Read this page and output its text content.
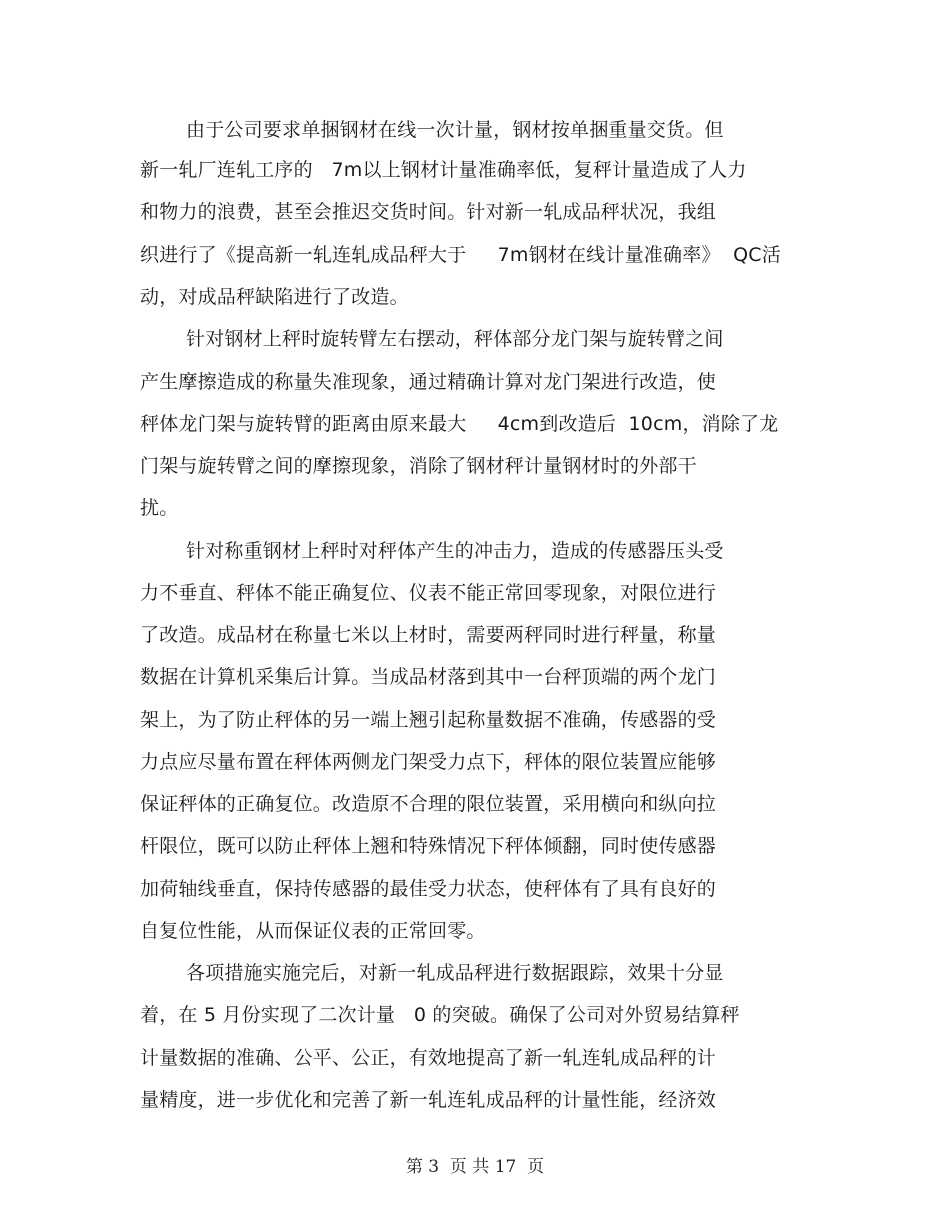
由于公司要求单捆钢材在线一次计量，钢材按单捆重量交货。但
新一轧厂连轧工序的   7m以上钢材计量准确率低，复秤计量造成了人力
和物力的浪费，甚至会推迟交货时间。针对新一轧成品秤状况，我组
织进行了《提高新一轧连轧成品秤大于     7m钢材在线计量准确率》  QC活
动，对成品秤缺陷进行了改造。
针对钢材上秤时旋转臂左右摆动，秤体部分龙门架与旋转臂之间
产生摩擦造成的称量失准现象，通过精确计算对龙门架进行改造，使
秤体龙门架与旋转臂的距离由原来最大     4cm到改造后  10cm，消除了龙
门架与旋转臂之间的摩擦现象，消除了钢材秤计量钢材时的外部干
扰。
针对称重钢材上秤时对秤体产生的冲击力，造成的传感器压头受
力不垂直、秤体不能正确复位、仪表不能正常回零现象，对限位进行
了改造。成品材在称量七米以上材时，需要两秤同时进行秤量，称量
数据在计算机采集后计算。当成品材落到其中一台秤顶端的两个龙门
架上，为了防止秤体的另一端上翘引起称量数据不准确，传感器的受
力点应尽量布置在秤体两侧龙门架受力点下，秤体的限位装置应能够
保证秤体的正确复位。改造原不合理的限位装置，采用横向和纵向拉
杆限位，既可以防止秤体上翘和特殊情况下秤体倾翻，同时使传感器
加荷轴线垂直，保持传感器的最佳受力状态，使秤体有了具有良好的
自复位性能，从而保证仪表的正常回零。
各项措施实施完后，对新一轧成品秤进行数据跟踪，效果十分显
着，在 5 月份实现了二次计量   0 的突破。确保了公司对外贸易结算秤
计量数据的准确、公平、公正，有效地提高了新一轧连轧成品秤的计
量精度，进一步优化和完善了新一轧连轧成品秤的计量性能，经济效
第 3  页 共 17  页
